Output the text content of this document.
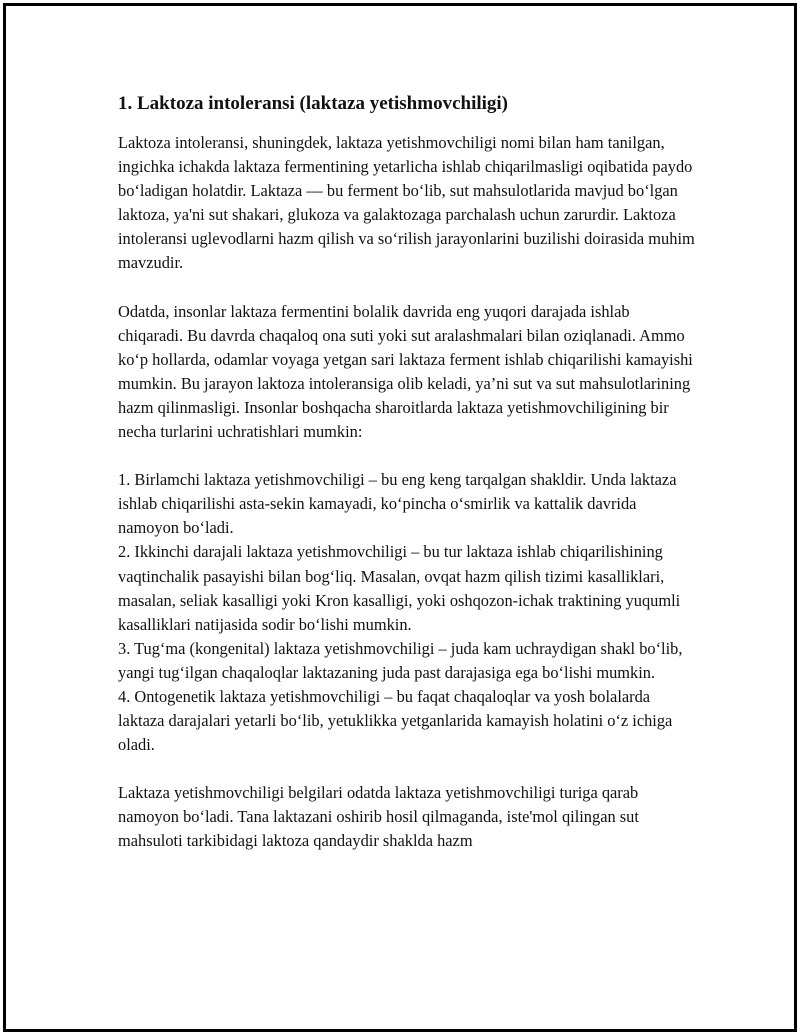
1. Laktoza intoleransi (laktaza yetishmovchiligi)

Laktoza intoleransi, shuningdek, laktaza yetishmovchiligi nomi bilan ham tanilgan, ingichka ichakda laktaza fermentining yetarlicha ishlab chiqarilmasligi oqibatida paydo bo‘ladigan holatdir. Laktaza — bu ferment bo‘lib, sut mahsulotlarida mavjud bo‘lgan laktoza, ya'ni sut shakari, glukoza va galaktozaga parchalash uchun zarurdir. Laktoza intoleransi uglevodlarni hazm qilish va so‘rilish jarayonlarini buzilishi doirasida muhim mavzudir.

Odatda, insonlar laktaza fermentini bolalik davrida eng yuqori darajada ishlab chiqaradi. Bu davrda chaqaloq ona suti yoki sut aralashmalari bilan oziqlanadi. Ammo ko‘p hollarda, odamlar voyaga yetgan sari laktaza ferment ishlab chiqarilishi kamayishi mumkin. Bu jarayon laktoza intoleransiga olib keladi, ya’ni sut va sut mahsulotlarining hazm qilinmasligi. Insonlar boshqacha sharoitlarda laktaza yetishmovchiligining bir necha turlarini uchratishlari mumkin:

1. Birlamchi laktaza yetishmovchiligi – bu eng keng tarqalgan shakldir. Unda laktaza ishlab chiqarilishi asta-sekin kamayadi, ko‘pincha o‘smirlik va kattalik davrida namoyon bo‘ladi.

2. Ikkinchi darajali laktaza yetishmovchiligi – bu tur laktaza ishlab chiqarilishining vaqtinchalik pasayishi bilan bog‘liq. Masalan, ovqat hazm qilish tizimi kasalliklari, masalan, seliak kasalligi yoki Kron kasalligi, yoki oshqozon-ichak traktining yuqumli kasalliklari natijasida sodir bo‘lishi mumkin.

3. Tug‘ma (kongenital) laktaza yetishmovchiligi – juda kam uchraydigan shakl bo‘lib, yangi tug‘ilgan chaqaloqlar laktazaning juda past darajasiga ega bo‘lishi mumkin.

4. Ontogenetik laktaza yetishmovchiligi – bu faqat chaqaloqlar va yosh bolalarda laktaza darajalari yetarli bo‘lib, yetuklikka yetganlarida kamayish holatini o‘z ichiga oladi.

Laktaza yetishmovchiligi belgilari odatda laktaza yetishmovchiligi turiga qarab namoyon bo‘ladi. Tana laktazani oshirib hosil qilmaganda, iste'mol qilingan sut mahsuloti tarkibidagi laktoza qandaydir shaklda hazm
